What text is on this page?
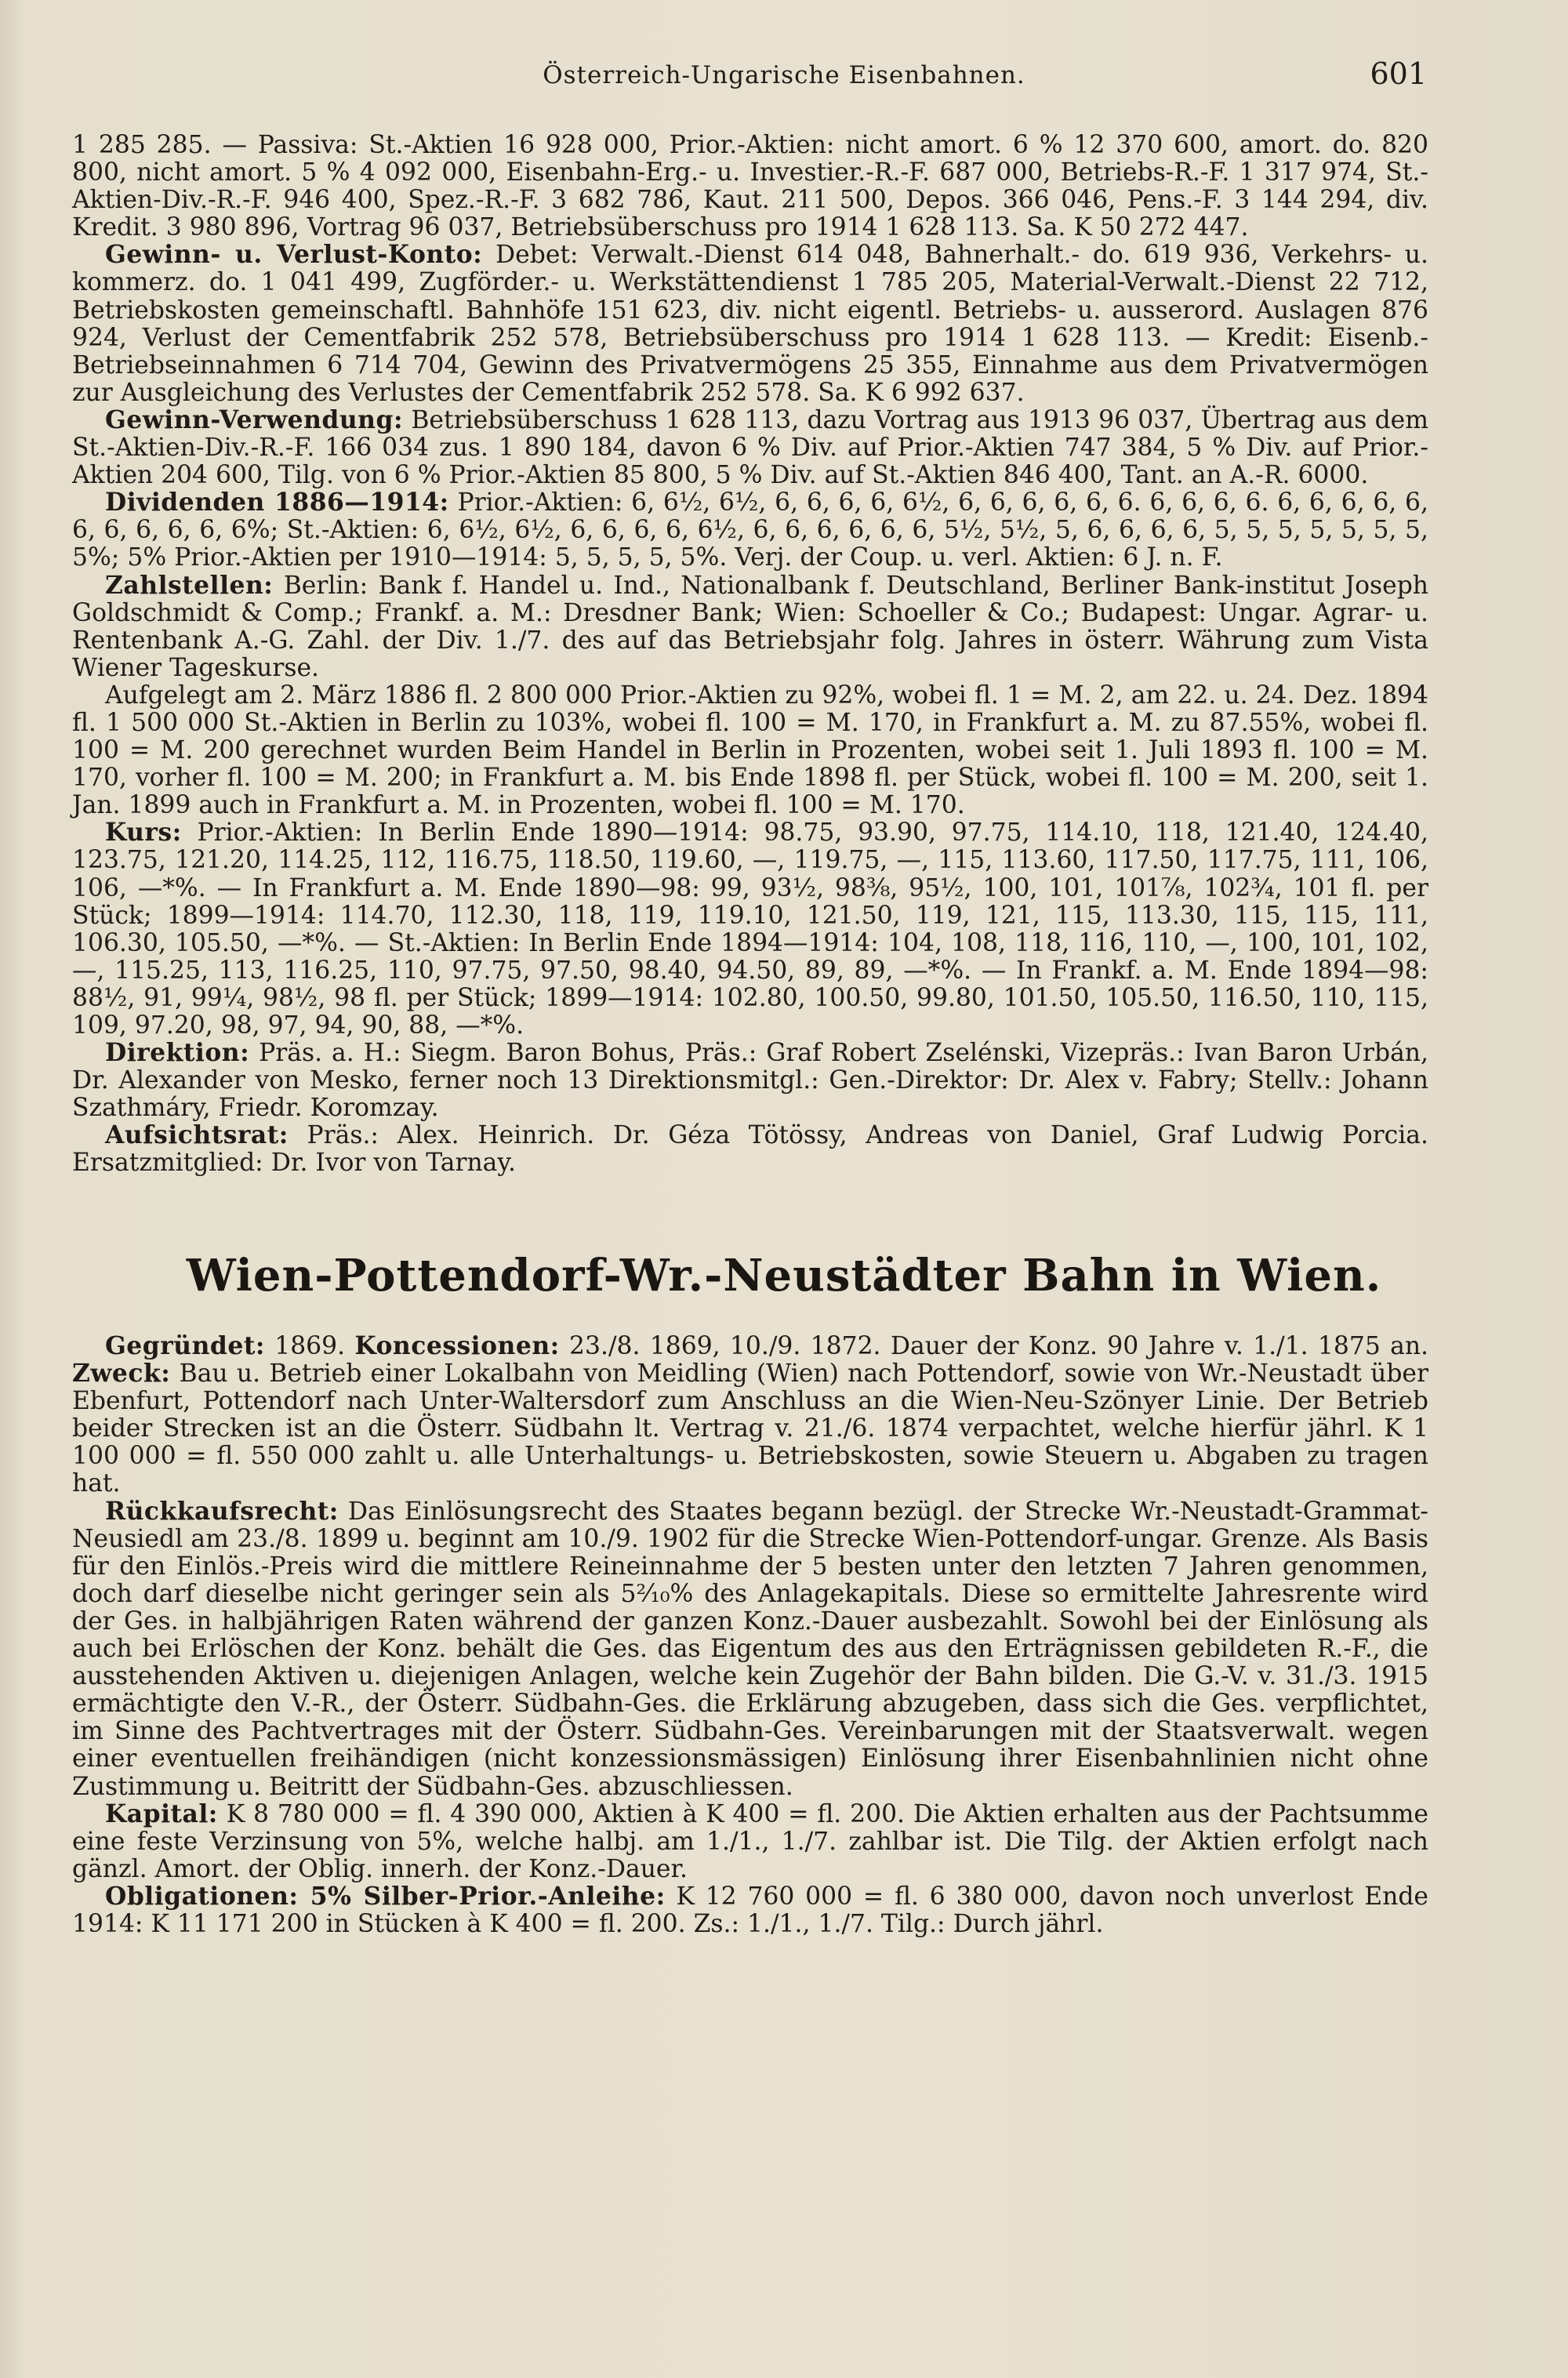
Österreich-Ungarische Eisenbahnen.	601

1 285 285. — Passiva: St.-Aktien 16 928 000, Prior.-Aktien: nicht amort. 6 % 12 370 600, amort. do. 820 800, nicht amort. 5 % 4 092 000, Eisenbahn-Erg.- u. Investier.-R.-F. 687 000, Betriebs-R.-F. 1 317 974, St.-Aktien-Div.-R.-F. 946 400, Spez.-R.-F. 3 682 786, Kaut. 211 500, Depos. 366 046, Pens.-F. 3 144 294, div. Kredit. 3 980 896, Vortrag 96 037, Betriebsüberschuss pro 1914 1 628 113. Sa. K 50 272 447.

Gewinn- u. Verlust-Konto: Debet: Verwalt.-Dienst 614 048, Bahnerhalt.- do. 619 936, Verkehrs- u. kommerz. do. 1 041 499, Zugförder.- u. Werkstättendienst 1 785 205, Material-Verwalt.-Dienst 22 712, Betriebskosten gemeinschaftl. Bahnhöfe 151 623, div. nicht eigentl. Betriebs- u. ausserord. Auslagen 876 924, Verlust der Cementfabrik 252 578, Betriebsüberschuss pro 1914 1 628 113. — Kredit: Eisenb.-Betriebseinnahmen 6 714 704, Gewinn des Privatvermögens 25 355, Einnahme aus dem Privatvermögen zur Ausgleichung des Verlustes der Cementfabrik 252 578. Sa. K 6 992 637.

Gewinn-Verwendung: Betriebsüberschuss 1 628 113, dazu Vortrag aus 1913 96 037, Übertrag aus dem St.-Aktien-Div.-R.-F. 166 034 zus. 1 890 184, davon 6 % Div. auf Prior.-Aktien 747 384, 5 % Div. auf Prior.-Aktien 204 600, Tilg. von 6 % Prior.-Aktien 85 800, 5 % Div. auf St.-Aktien 846 400, Tant. an A.-R. 6000.

Dividenden 1886—1914: Prior.-Aktien: 6, 6½, 6½, 6, 6, 6, 6, 6½, 6, 6, 6, 6, 6, 6. 6, 6, 6, 6. 6, 6, 6, 6, 6, 6, 6, 6, 6, 6, 6%; St.-Aktien: 6, 6½, 6½, 6, 6, 6, 6, 6½, 6, 6, 6, 6, 6, 6, 5½, 5½, 5, 6, 6, 6, 6, 5, 5, 5, 5, 5, 5, 5, 5%; 5% Prior.-Aktien per 1910—1914: 5, 5, 5, 5, 5%. Verj. der Coup. u. verl. Aktien: 6 J. n. F.

Zahlstellen: Berlin: Bank f. Handel u. Ind., Nationalbank f. Deutschland, Berliner Bank-institut Joseph Goldschmidt & Comp.; Frankf. a. M.: Dresdner Bank; Wien: Schoeller & Co.; Budapest: Ungar. Agrar- u. Rentenbank A.-G. Zahl. der Div. 1./7. des auf das Betriebsjahr folg. Jahres in österr. Währung zum Vista Wiener Tageskurse.

Aufgelegt am 2. März 1886 fl. 2 800 000 Prior.-Aktien zu 92%, wobei fl. 1 = M. 2, am 22. u. 24. Dez. 1894 fl. 1 500 000 St.-Aktien in Berlin zu 103%, wobei fl. 100 = M. 170, in Frankfurt a. M. zu 87.55%, wobei fl. 100 = M. 200 gerechnet wurden Beim Handel in Berlin in Prozenten, wobei seit 1. Juli 1893 fl. 100 = M. 170, vorher fl. 100 = M. 200; in Frankfurt a. M. bis Ende 1898 fl. per Stück, wobei fl. 100 = M. 200, seit 1. Jan. 1899 auch in Frankfurt a. M. in Prozenten, wobei fl. 100 = M. 170.

Kurs: Prior.-Aktien: In Berlin Ende 1890—1914: 98.75, 93.90, 97.75, 114.10, 118, 121.40, 124.40, 123.75, 121.20, 114.25, 112, 116.75, 118.50, 119.60, —, 119.75, —, 115, 113.60, 117.50, 117.75, 111, 106, 106, —*%. — In Frankfurt a. M. Ende 1890—98: 99, 93½, 98⅜, 95½, 100, 101, 101⅞, 102¾, 101 fl. per Stück; 1899—1914: 114.70, 112.30, 118, 119, 119.10, 121.50, 119, 121, 115, 113.30, 115, 115, 111, 106.30, 105.50, —*%. — St.-Aktien: In Berlin Ende 1894—1914: 104, 108, 118, 116, 110, —, 100, 101, 102, —, 115.25, 113, 116.25, 110, 97.75, 97.50, 98.40, 94.50, 89, 89, —*%. — In Frankf. a. M. Ende 1894—98: 88½, 91, 99¼, 98½, 98 fl. per Stück; 1899—1914: 102.80, 100.50, 99.80, 101.50, 105.50, 116.50, 110, 115, 109, 97.20, 98, 97, 94, 90, 88, —*%.

Direktion: Präs. a. H.: Siegm. Baron Bohus, Präs.: Graf Robert Zselénski, Vizepräs.: Ivan Baron Urbán, Dr. Alexander von Mesko, ferner noch 13 Direktionsmitgl.: Gen.-Direktor: Dr. Alex v. Fabry; Stellv.: Johann Szathmáry, Friedr. Koromzay.

Aufsichtsrat: Präs.: Alex. Heinrich. Dr. Géza Tötössy, Andreas von Daniel, Graf Ludwig Porcia. Ersatzmitglied: Dr. Ivor von Tarnay.

Wien-Pottendorf-Wr.-Neustädter Bahn in Wien.

Gegründet: 1869. Koncessionen: 23./8. 1869, 10./9. 1872. Dauer der Konz. 90 Jahre v. 1./1. 1875 an. Zweck: Bau u. Betrieb einer Lokalbahn von Meidling (Wien) nach Pottendorf, sowie von Wr.-Neustadt über Ebenfurt, Pottendorf nach Unter-Waltersdorf zum Anschluss an die Wien-Neu-Szönyer Linie. Der Betrieb beider Strecken ist an die Österr. Südbahn lt. Vertrag v. 21./6. 1874 verpachtet, welche hierfür jährl. K 1 100 000 = fl. 550 000 zahlt u. alle Unterhaltungs- u. Betriebskosten, sowie Steuern u. Abgaben zu tragen hat.

Rückkaufsrecht: Das Einlösungsrecht des Staates begann bezügl. der Strecke Wr.-Neustadt-Grammat-Neusiedl am 23./8. 1899 u. beginnt am 10./9. 1902 für die Strecke Wien-Pottendorf-ungar. Grenze. Als Basis für den Einlös.-Preis wird die mittlere Reineinnahme der 5 besten unter den letzten 7 Jahren genommen, doch darf dieselbe nicht geringer sein als 5²⁄₁₀% des Anlagekapitals. Diese so ermittelte Jahresrente wird der Ges. in halbjährigen Raten während der ganzen Konz.-Dauer ausbezahlt. Sowohl bei der Einlösung als auch bei Erlöschen der Konz. behält die Ges. das Eigentum des aus den Erträgnissen gebildeten R.-F., die ausstehenden Aktiven u. diejenigen Anlagen, welche kein Zugehör der Bahn bilden. Die G.-V. v. 31./3. 1915 ermächtigte den V.-R., der Österr. Südbahn-Ges. die Erklärung abzugeben, dass sich die Ges. verpflichtet, im Sinne des Pachtvertrages mit der Österr. Südbahn-Ges. Vereinbarungen mit der Staatsverwalt. wegen einer eventuellen freihändigen (nicht konzessionsmässigen) Einlösung ihrer Eisenbahnlinien nicht ohne Zustimmung u. Beitritt der Südbahn-Ges. abzuschliessen.

Kapital: K 8 780 000 = fl. 4 390 000, Aktien à K 400 = fl. 200. Die Aktien erhalten aus der Pachtsumme eine feste Verzinsung von 5%, welche halbj. am 1./1., 1./7. zahlbar ist. Die Tilg. der Aktien erfolgt nach gänzl. Amort. der Oblig. innerh. der Konz.-Dauer.

Obligationen: 5% Silber-Prior.-Anleihe: K 12 760 000 = fl. 6 380 000, davon noch unverlost Ende 1914: K 11 171 200 in Stücken à K 400 = fl. 200. Zs.: 1./1., 1./7. Tilg.: Durch jährl.
